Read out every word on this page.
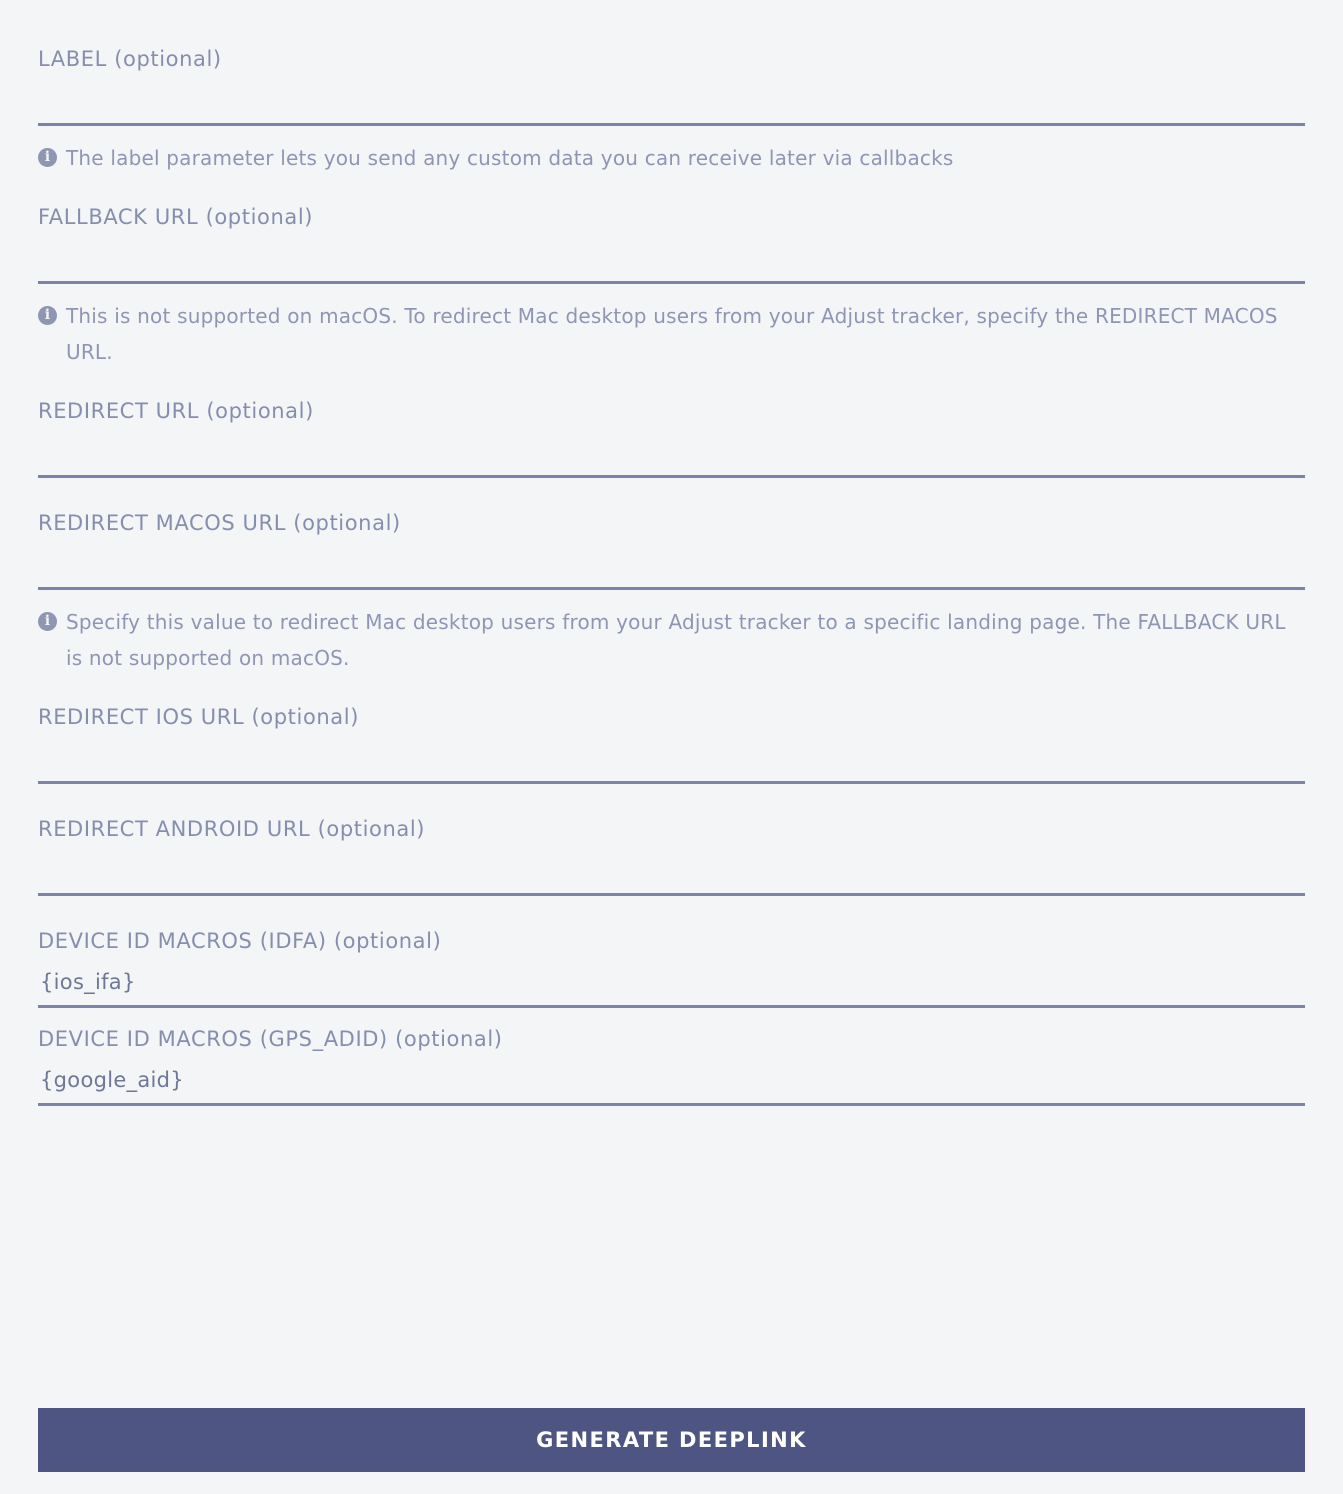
LABEL (optional)
i The label parameter lets you send any custom data you can receive later via callbacks
FALLBACK URL (optional)
i This is not supported on macOS. To redirect Mac desktop users from your Adjust tracker, specify the REDIRECT MACOS URL.
REDIRECT URL (optional)
REDIRECT MACOS URL (optional)
i Specify this value to redirect Mac desktop users from your Adjust tracker to a specific landing page. The FALLBACK URL is not supported on macOS.
REDIRECT IOS URL (optional)
REDIRECT ANDROID URL (optional)
DEVICE ID MACROS (IDFA) (optional)
{ios_ifa}
DEVICE ID MACROS (GPS_ADID) (optional)
{google_aid}
GENERATE DEEPLINK
